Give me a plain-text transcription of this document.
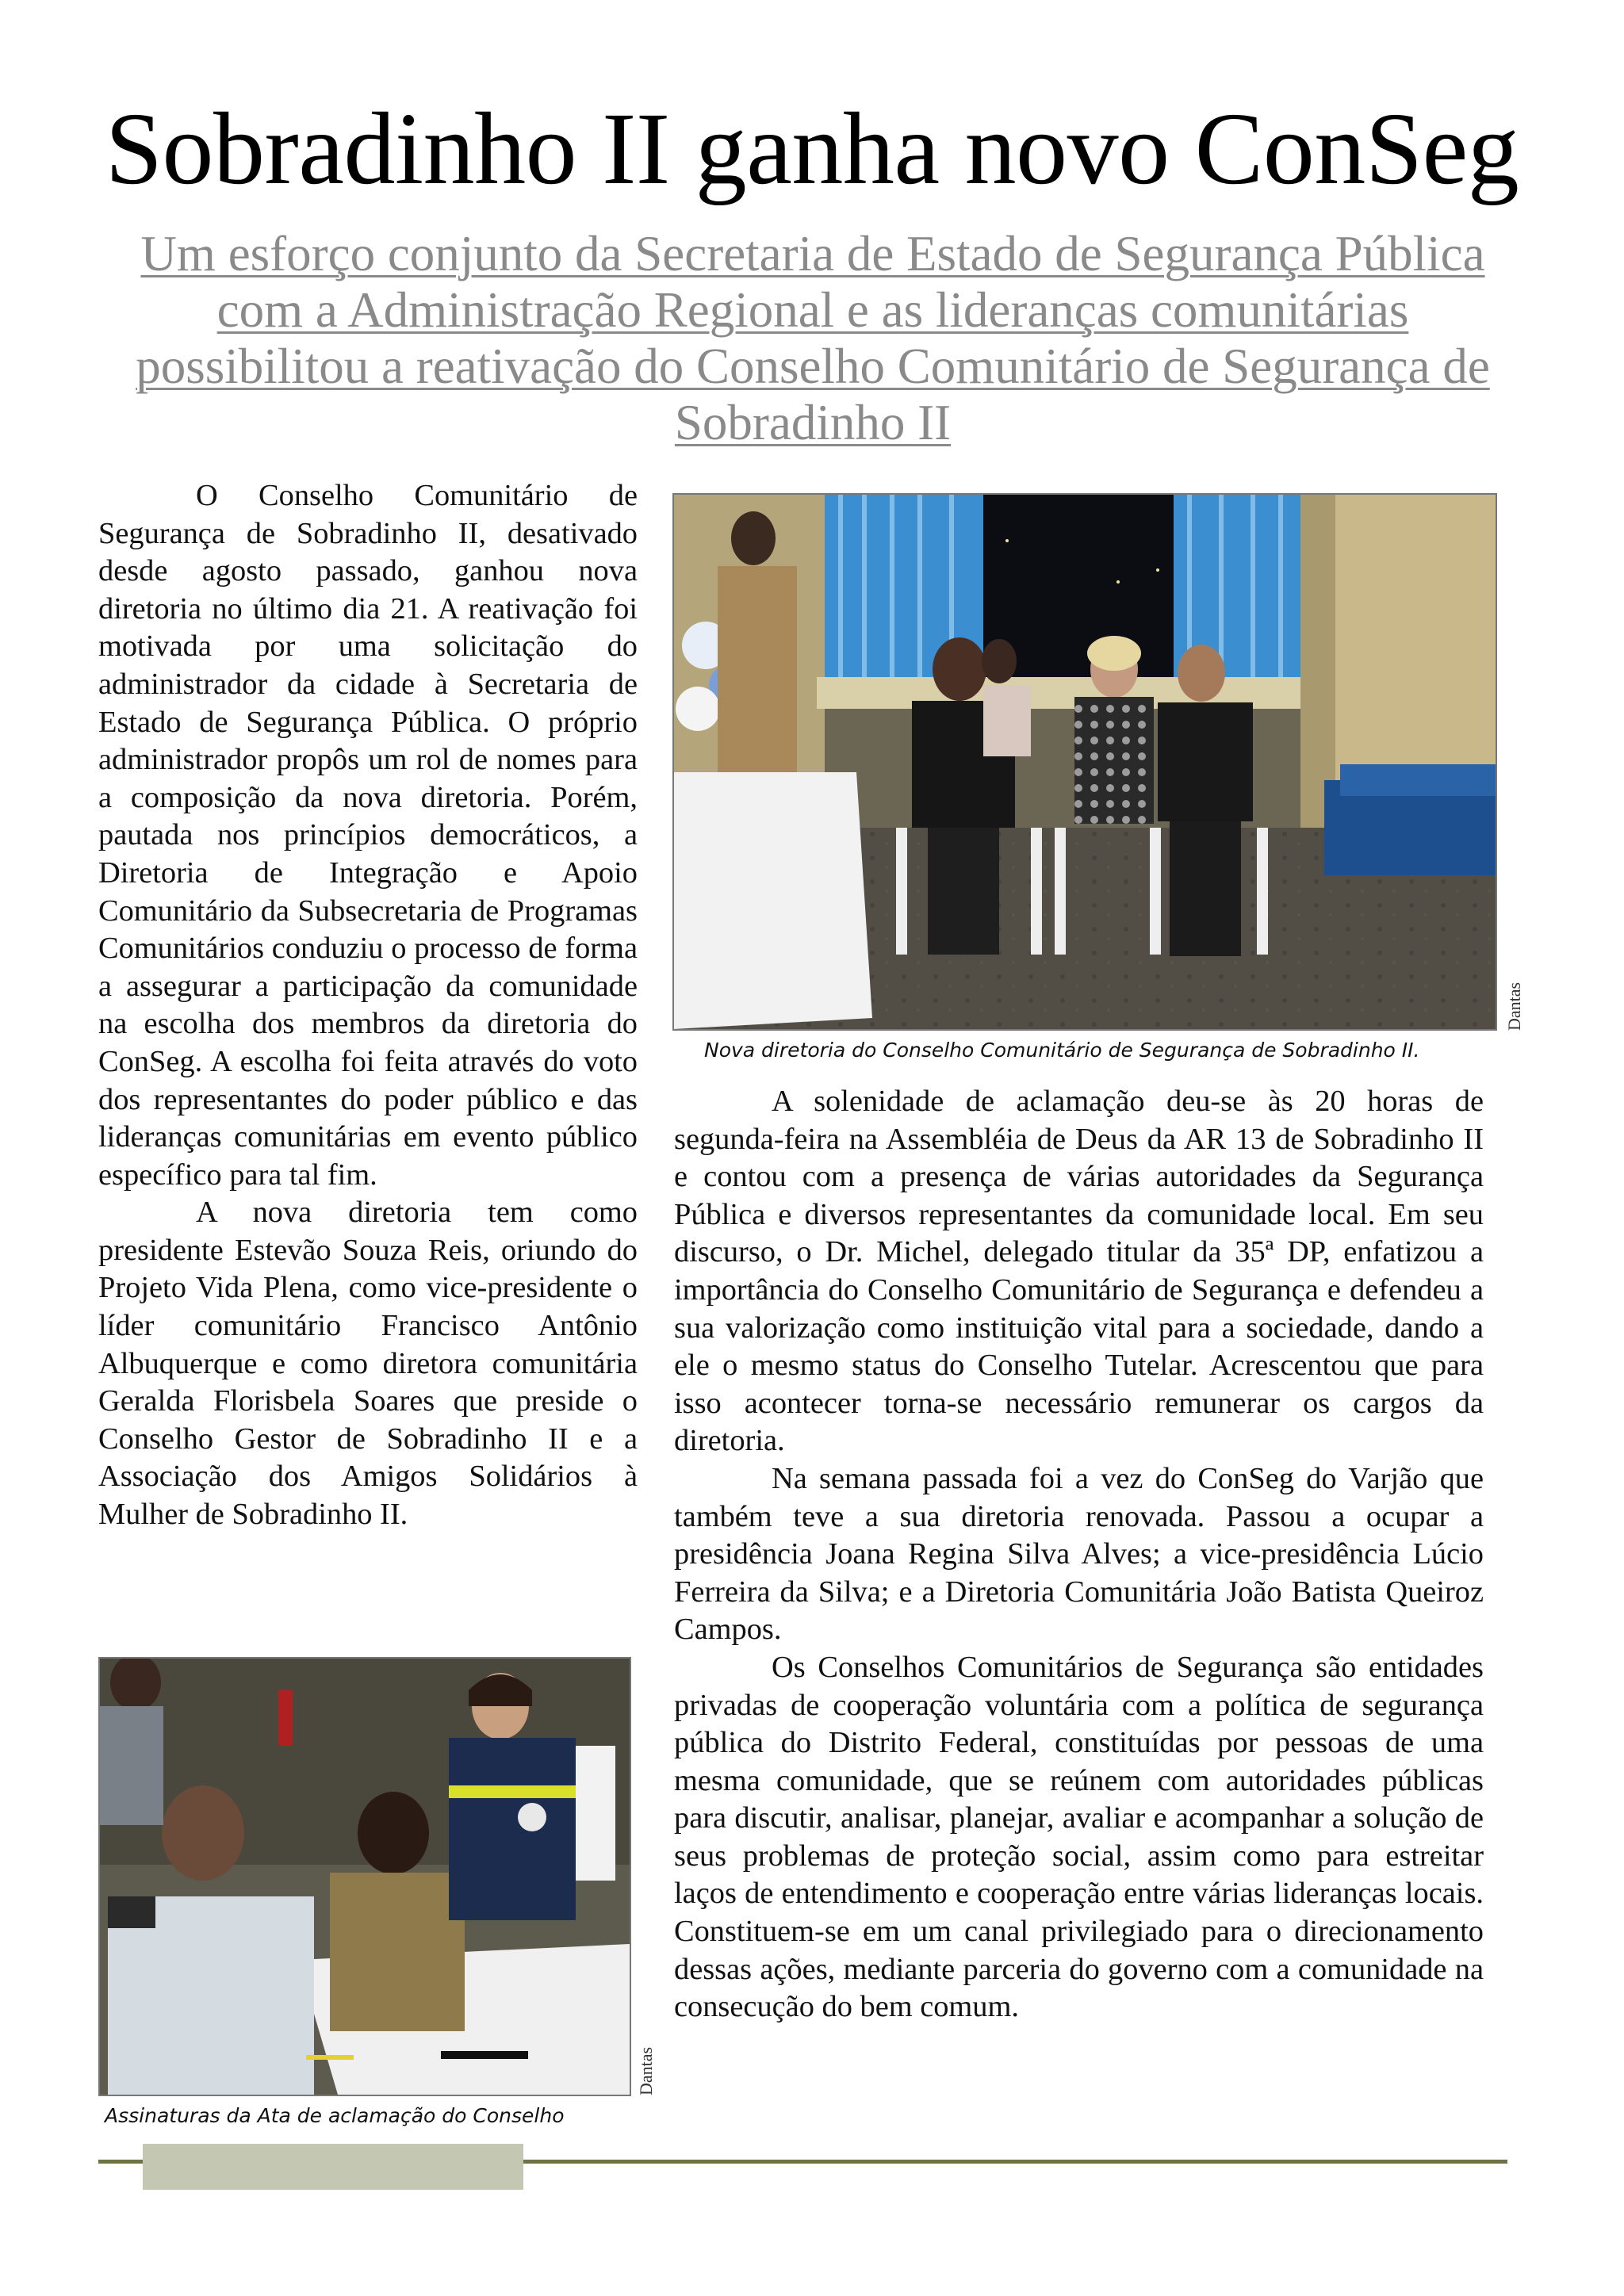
Sobradinho II ganha novo ConSeg
Um esforço conjunto da Secretaria de Estado de Segurança Pública com a Administração Regional e as lideranças comunitárias possibilitou a reativação do Conselho Comunitário de Segurança de Sobradinho II

O Conselho Comunitário de Segurança de Sobradinho II, desativado desde agosto passado, ganhou nova diretoria no último dia 21. A reativação foi motivada por uma solicitação do administrador da cidade à Secretaria de Estado de Segurança Pública. O próprio administrador propôs um rol de nomes para a composição da nova diretoria. Porém, pautada nos princípios democráticos, a Diretoria de Integração e Apoio Comunitário da Subsecretaria de Programas Comunitários conduziu o processo de forma a assegurar a participação da comunidade na escolha dos membros da diretoria do ConSeg. A escolha foi feita através do voto dos representantes do poder público e das lideranças comunitárias em evento público específico para tal fim.

A nova diretoria tem como presidente Estevão Souza Reis, oriundo do Projeto Vida Plena, como vice-presidente o líder comunitário Francisco Antônio Albuquerque e como diretora comunitária Geralda Florisbela Soares que preside o Conselho Gestor de Sobradinho II e a Associação dos Amigos Solidários à Mulher de Sobradinho II.

Dantas
Nova diretoria do Conselho Comunitário de Segurança de Sobradinho II.

A solenidade de aclamação deu-se às 20 horas de segunda-feira na Assembléia de Deus da AR 13 de Sobradinho II e contou com a presença de várias autoridades da Segurança Pública e diversos representantes da comunidade local. Em seu discurso, o Dr. Michel, delegado titular da 35ª DP, enfatizou a importância do Conselho Comunitário de Segurança e defendeu a sua valorização como instituição vital para a sociedade, dando a ele o mesmo status do Conselho Tutelar. Acrescentou que para isso acontecer torna-se necessário remunerar os cargos da diretoria.

Na semana passada foi a vez do ConSeg do Varjão que também teve a sua diretoria renovada. Passou a ocupar a presidência Joana Regina Silva Alves; a vice-presidência Lúcio Ferreira da Silva; e a Diretoria Comunitária João Batista Queiroz Campos.

Os Conselhos Comunitários de Segurança são entidades privadas de cooperação voluntária com a política de segurança pública do Distrito Federal, constituídas por pessoas de uma mesma comunidade, que se reúnem com autoridades públicas para discutir, analisar, planejar, avaliar e acompanhar a solução de seus problemas de proteção social, assim como para estreitar laços de entendimento e cooperação entre várias lideranças locais. Constituem-se em um canal privilegiado para o direcionamento dessas ações, mediante parceria do governo com a comunidade na consecução do bem comum.

Dantas
Assinaturas da Ata de aclamação do Conselho
